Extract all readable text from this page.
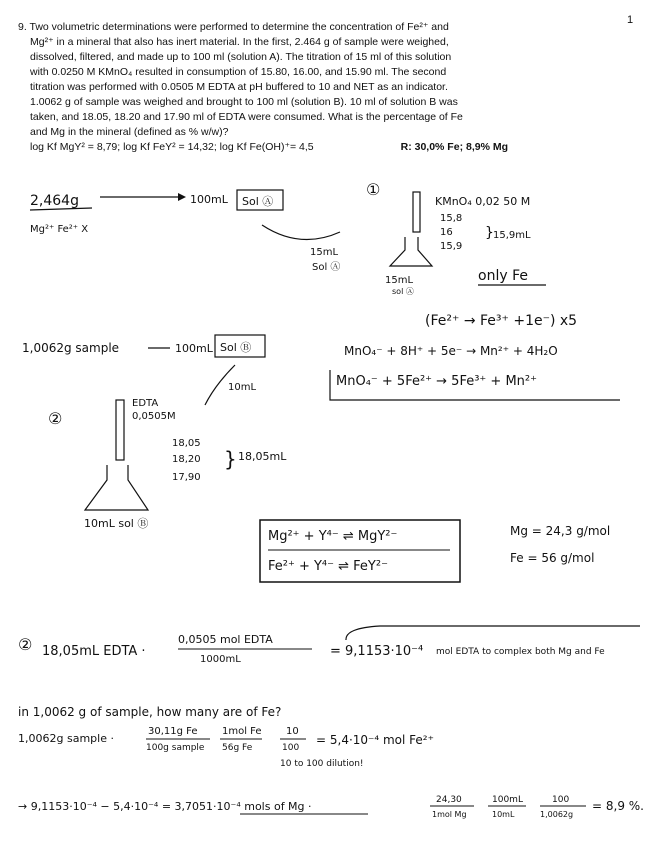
1

9. Two volumetric determinations were performed to determine the concentration of Fe²⁺ and

Mg²⁺ in a mineral that also has inert material. In the first, 2.464 g of sample were weighed,

dissolved, filtered, and made up to 100 ml (solution A). The titration of 15 ml of this solution

with 0.0250 M KMnO₄ resulted in consumption of 15.80, 16.00, and 15.90 ml. The second

titration was performed with 0.0505 M EDTA at pH buffered to 10 and NET as an indicator.

1.0062 g of sample was weighed and brought to 100 ml (solution B). 10 ml of solution B was

taken, and 18.05, 18.20 and 17.90 ml of EDTA were consumed. What is the percentage of Fe

and Mg in the mineral (defined as % w/w)?

log Kf MgY² = 8,79; log Kf FeY² = 14,32; log Kf Fe(OH)⁺= 4,5	R: 30,0% Fe; 8,9% Mg
2,464g
Mg²⁺ Fe²⁺ X
100mL Sol Ⓐ
15mL
Sol Ⓐ
①
KMnO₄ 0,02 50 M
15,8
16
15,9
} 15,9mL
15mL
sol Ⓐ
only Fe
(Fe²⁺ → Fe³⁺ +1e⁻) x5
MnO₄⁻ + 8H⁺ + 5e⁻ → Mn²⁺ + 4H₂O
MnO₄⁻ + 5Fe²⁺ → 5Fe³⁺ + Mn²⁺
1,0062g sample	100mL Sol Ⓑ
10mL
②
EDTA
0,0505M
18,05
18,20
17,90
} 18,05mL
10mL sol Ⓑ
Mg²⁺ + Y⁴⁻ ⇌ MgY²⁻
Fe²⁺ + Y⁴⁻ ⇌ FeY²⁻
Mg = 24,3 g/mol
Fe = 56 g/mol
② 18,05mL EDTA ·
0,0505 mol EDTA
1000mL
= 9,1153·10⁻⁴ mol EDTA to complex both Mg and Fe
in 1,0062 g of sample, how many are of Fe?
1,0062g sample ·
30,11g Fe
100g sample
1mol Fe
56g Fe
10
100
= 5,4·10⁻⁴ mol Fe²⁺
10 to 100 dilution!
→ 9,1153·10⁻⁴ − 5,4·10⁻⁴ = 3,7051·10⁻⁴ mols of Mg ·	24,30
1mol Mg
100mL
10mL
100
1,0062g
= 8,9 %.
